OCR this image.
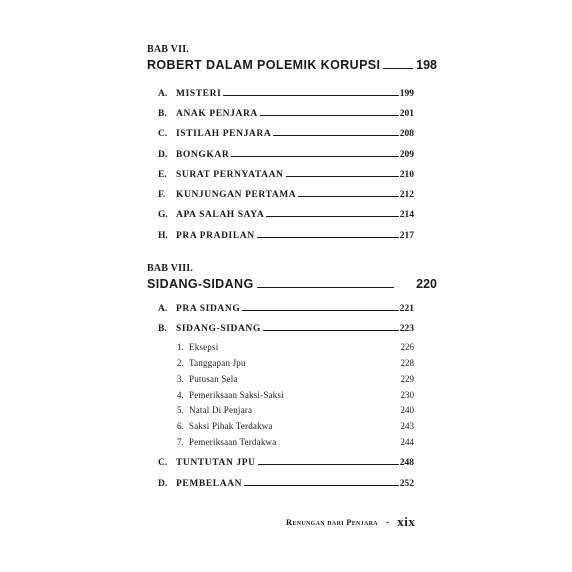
BAB VII.
ROBERT DALAM POLEMIK KORUPSI	198
A. MISTERI	199
B. ANAK PENJARA	201
C. ISTILAH PENJARA	208
D. BONGKAR	209
E. SURAT PERNYATAAN	210
F.	KUNJUNGAN PERTAMA	212
G. APA SALAH SAYA	214
H. PRA PRADILAN	217
BAB VIII.
SIDANG-SIDANG	220
A. PRA SIDANG	221
B. SIDANG-SIDANG	223
1. Eksepsi	226
2. Tanggapan Jpu	228
3. Putusan Sela	229
4. Pemeriksaan Saksi-Saksi	230
5. Natal Di Penjara	240
6. Saksi Pihak Terdakwa	243
7. Pemeriksaan Terdakwa	244
C. TUNTUTAN JPU	248
D. PEMBELAAN	252
Renungan dari Penjara - xix
